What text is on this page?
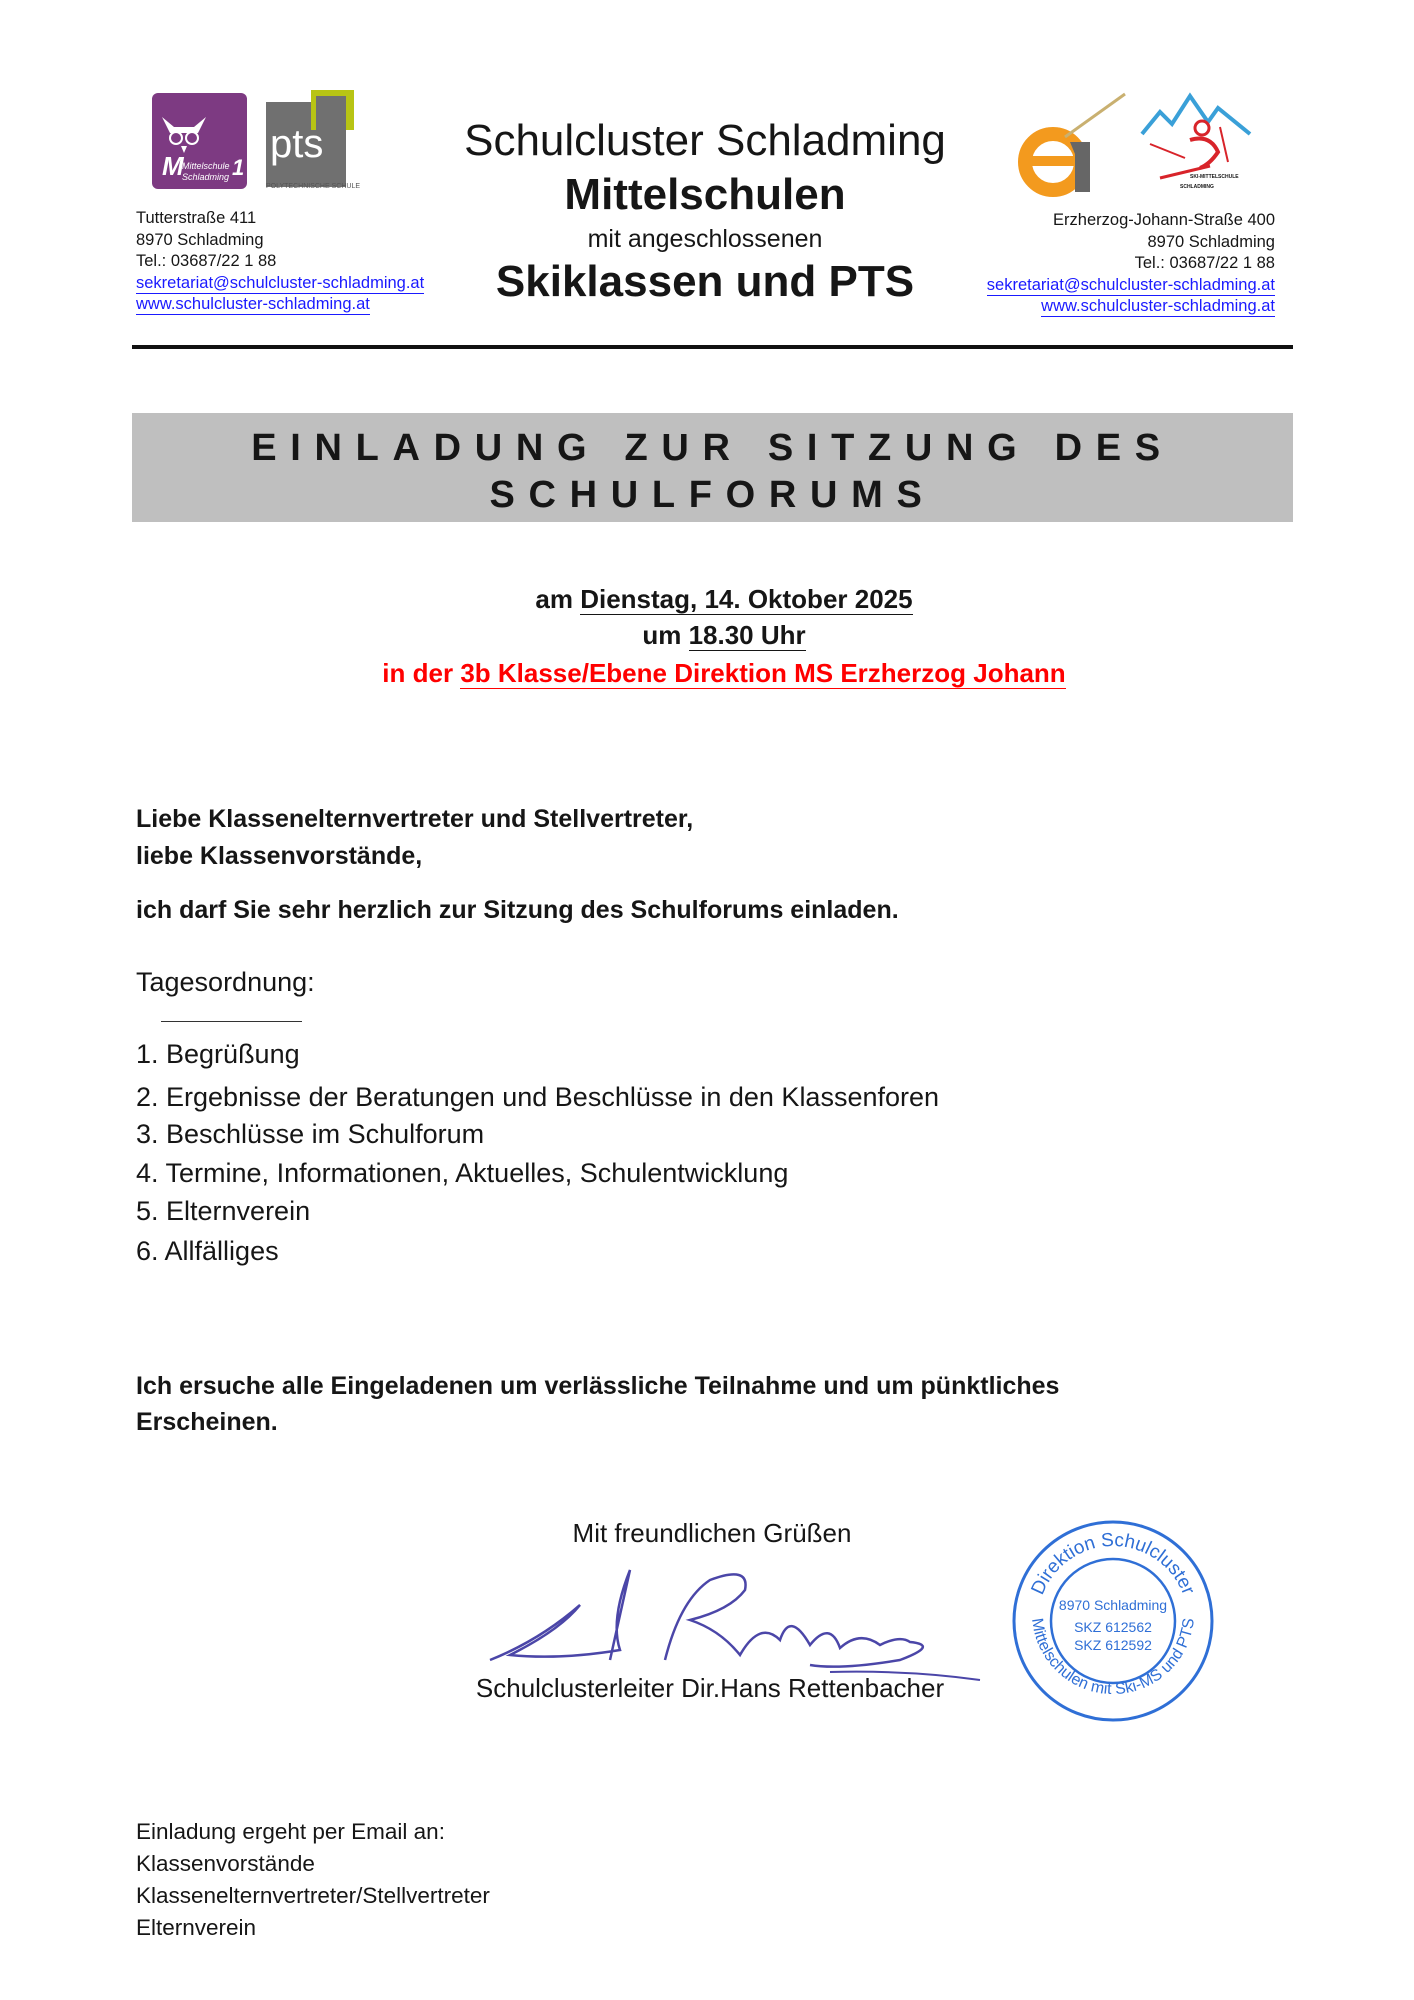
M
Mittelschule
Schladming 1
pts
POLYTECHNISCHE SCHULE
Tutterstraße 411
8970 Schladming
Tel.: 03687/22 1 88
sekretariat@schulcluster-schladming.at
www.schulcluster-schladming.at
Schulcluster Schladming
Mittelschulen
mit angeschlossenen
Skiklassen und PTS
SKI-MITTELSCHULE
SCHLADMING
Erzherzog-Johann-Straße 400
8970 Schladming
Tel.: 03687/22 1 88
sekretariat@schulcluster-schladming.at
www.schulcluster-schladming.at
EINLADUNG ZUR SITZUNG DES
SCHULFORUMS
am Dienstag, 14. Oktober 2025
um 18.30 Uhr
in der 3b Klasse/Ebene Direktion MS Erzherzog Johann
Liebe Klassenelternvertreter und Stellvertreter,
liebe Klassenvorstände,
ich darf Sie sehr herzlich zur Sitzung des Schulforums einladen.
Tagesordnung:
1. Begrüßung
2. Ergebnisse der Beratungen und Beschlüsse in den Klassenforen
3. Beschlüsse im Schulforum
4. Termine, Informationen, Aktuelles, Schulentwicklung
5. Elternverein
6. Allfälliges
Ich ersuche alle Eingeladenen um verlässliche Teilnahme und um pünktliches
Erscheinen.
Mit freundlichen Grüßen
Schulclusterleiter Dir.Hans Rettenbacher
Direktion Schulcluster
Mittelschulen mit Ski-MS und PTS
8970 Schladming
SKZ 612562
SKZ 612592
Einladung ergeht per Email an:
Klassenvorstände
Klassenelternvertreter/Stellvertreter
Elternverein
